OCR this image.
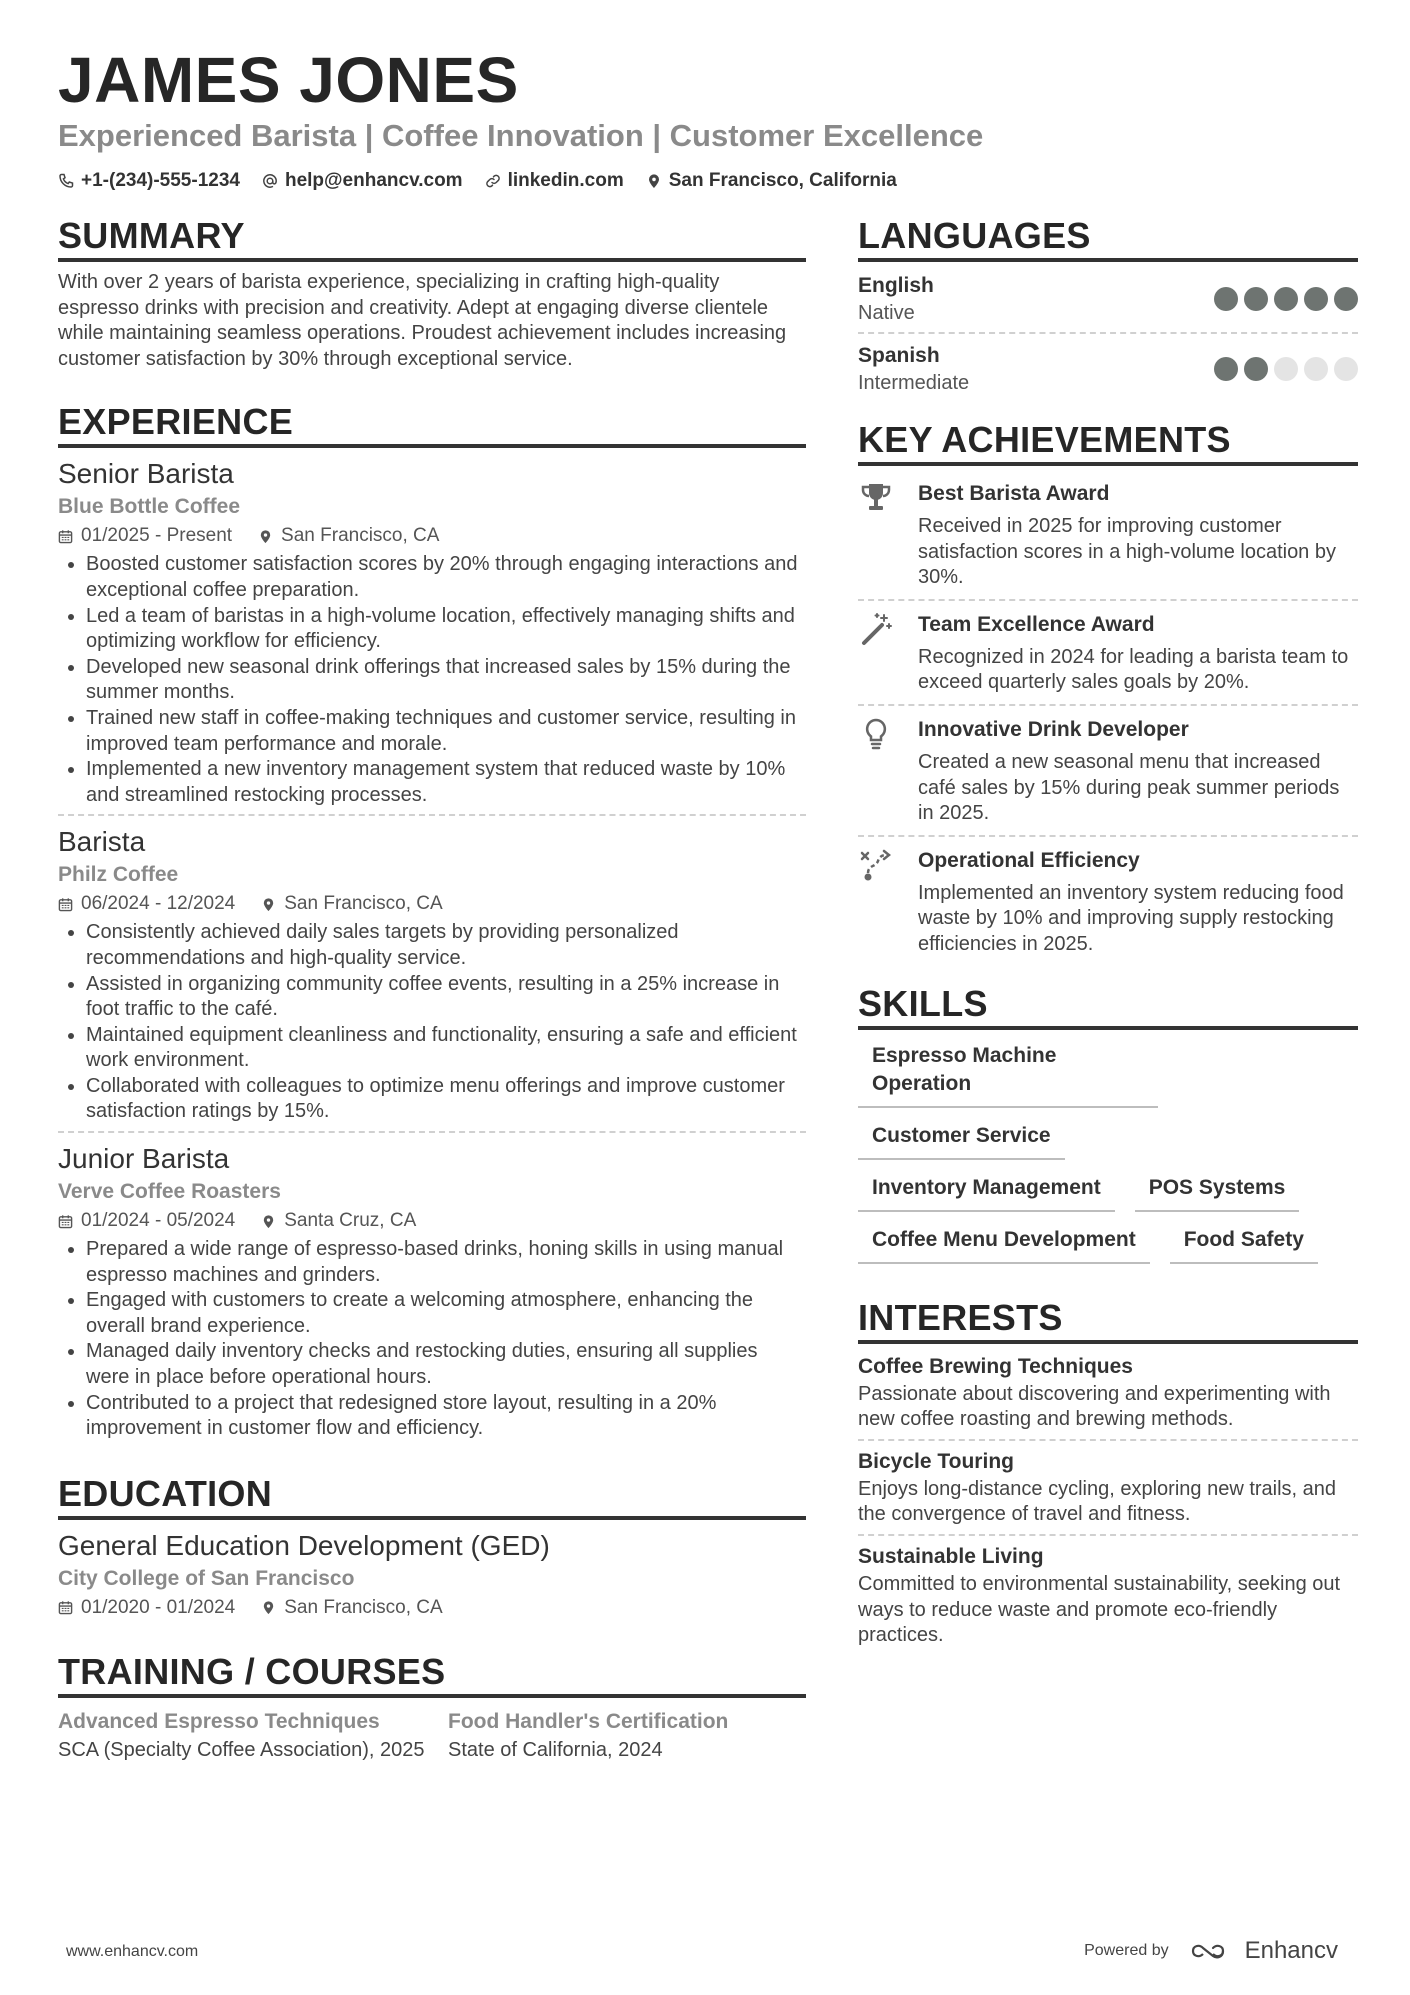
JAMES JONES
Experienced Barista | Coffee Innovation | Customer Excellence
+1-(234)-555-1234 help@enhancv.com linkedin.com San Francisco, California
SUMMARY
With over 2 years of barista experience, specializing in crafting high-quality espresso drinks with precision and creativity. Adept at engaging diverse clientele while maintaining seamless operations. Proudest achievement includes increasing customer satisfaction by 30% through exceptional service.
EXPERIENCE
Senior Barista
Blue Bottle Coffee
01/2025 - Present	San Francisco, CA
• Boosted customer satisfaction scores by 20% through engaging interactions and exceptional coffee preparation.
• Led a team of baristas in a high-volume location, effectively managing shifts and optimizing workflow for efficiency.
• Developed new seasonal drink offerings that increased sales by 15% during the summer months.
• Trained new staff in coffee-making techniques and customer service, resulting in improved team performance and morale.
• Implemented a new inventory management system that reduced waste by 10% and streamlined restocking processes.
Barista
Philz Coffee
06/2024 - 12/2024	San Francisco, CA
• Consistently achieved daily sales targets by providing personalized recommendations and high-quality service.
• Assisted in organizing community coffee events, resulting in a 25% increase in foot traffic to the café.
• Maintained equipment cleanliness and functionality, ensuring a safe and efficient work environment.
• Collaborated with colleagues to optimize menu offerings and improve customer satisfaction ratings by 15%.
Junior Barista
Verve Coffee Roasters
01/2024 - 05/2024	Santa Cruz, CA
• Prepared a wide range of espresso-based drinks, honing skills in using manual espresso machines and grinders.
• Engaged with customers to create a welcoming atmosphere, enhancing the overall brand experience.
• Managed daily inventory checks and restocking duties, ensuring all supplies were in place before operational hours.
• Contributed to a project that redesigned store layout, resulting in a 20% improvement in customer flow and efficiency.
EDUCATION
General Education Development (GED)
City College of San Francisco
01/2020 - 01/2024	San Francisco, CA
TRAINING / COURSES
Advanced Espresso Techniques
SCA (Specialty Coffee Association), 2025
Food Handler's Certification
State of California, 2024
LANGUAGES
English
Native
Spanish
Intermediate
KEY ACHIEVEMENTS
Best Barista Award
Received in 2025 for improving customer satisfaction scores in a high-volume location by 30%.
Team Excellence Award
Recognized in 2024 for leading a barista team to exceed quarterly sales goals by 20%.
Innovative Drink Developer
Created a new seasonal menu that increased café sales by 15% during peak summer periods in 2025.
Operational Efficiency
Implemented an inventory system reducing food waste by 10% and improving supply restocking efficiencies in 2025.
SKILLS
Espresso Machine Operation
Customer Service
Inventory Management	POS Systems
Coffee Menu Development	Food Safety
INTERESTS
Coffee Brewing Techniques
Passionate about discovering and experimenting with new coffee roasting and brewing methods.
Bicycle Touring
Enjoys long-distance cycling, exploring new trails, and the convergence of travel and fitness.
Sustainable Living
Committed to environmental sustainability, seeking out ways to reduce waste and promote eco-friendly practices.
www.enhancv.com	Powered by	Enhancv
